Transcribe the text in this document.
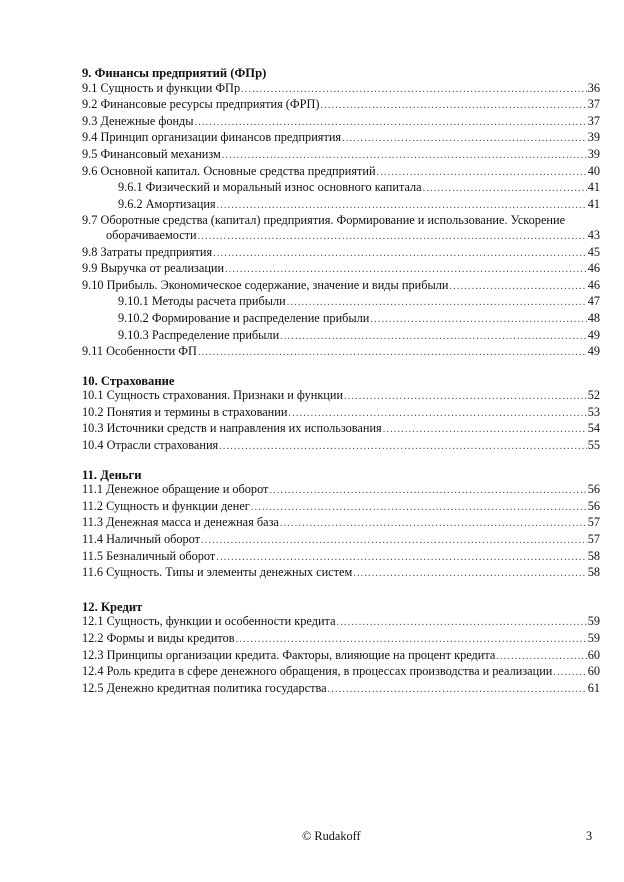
9. Финансы предприятий (ФПр)
9.1 Сущность и функции ФПр .....	36
9.2 Финансовые ресурсы предприятия (ФРП) .....	37
9.3 Денежные фонды .....	37
9.4 Принцип организации финансов предприятия .....	39
9.5 Финансовый механизм .....	39
9.6 Основной капитал. Основные средства предприятий .....	40
9.6.1 Физический и моральный износ основного капитала .....	41
9.6.2 Амортизация .....	41
9.7 Оборотные средства (капитал) предприятия. Формирование и использование. Ускорение
оборачиваемости .....	43
9.8 Затраты предприятия .....	45
9.9 Выручка от реализации .....	46
9.10 Прибыль. Экономическое содержание, значение и виды прибыли .....	46
9.10.1 Методы расчета прибыли .....	47
9.10.2 Формирование и распределение прибыли .....	48
9.10.3 Распределение прибыли .....	49
9.11 Особенности ФП .....	49
10. Страхование
10.1 Сущность страхования. Признаки и функции .....	52
10.2 Понятия и термины в страховании .....	53
10.3 Источники средств и направления их использования .....	54
10.4 Отрасли страхования .....	55
11. Деньги
11.1 Денежное обращение и оборот .....	56
11.2 Сущность и функции денег .....	56
11.3 Денежная масса и денежная база .....	57
11.4 Наличный оборот .....	57
11.5 Безналичный оборот .....	58
11.6 Сущность. Типы и элементы денежных систем .....	58
12. Кредит
12.1 Сущность, функции и особенности кредита .....	59
12.2 Формы и виды кредитов .....	59
12.3 Принципы организации кредита. Факторы, влияющие на процент кредита .....	60
12.4 Роль кредита в сфере денежного обращения, в процессах производства и реализации .....	60
12.5 Денежно кредитная политика государства .....	61
© Rudakoff	3
